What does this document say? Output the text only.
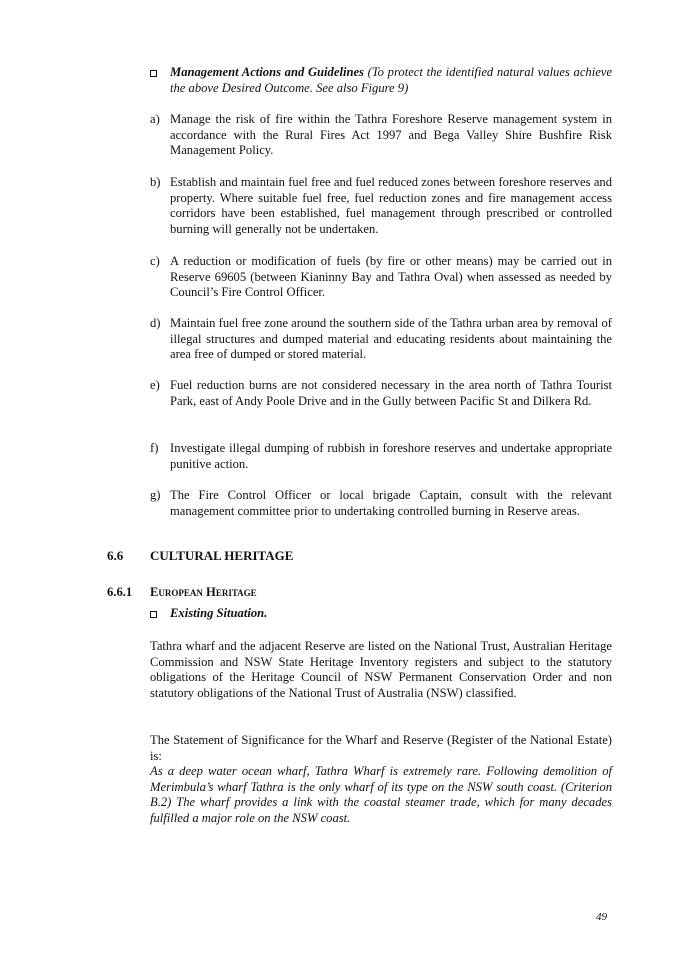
Management Actions and Guidelines (To protect the identified natural values achieve the above Desired Outcome. See also Figure 9)
a) Manage the risk of fire within the Tathra Foreshore Reserve management system in accordance with the Rural Fires Act 1997 and Bega Valley Shire Bushfire Risk Management Policy.
b) Establish and maintain fuel free and fuel reduced zones between foreshore reserves and property. Where suitable fuel free, fuel reduction zones and fire management access corridors have been established, fuel management through prescribed or controlled burning will generally not be undertaken.
c) A reduction or modification of fuels (by fire or other means) may be carried out in Reserve 69605 (between Kianinny Bay and Tathra Oval) when assessed as needed by Council’s Fire Control Officer.
d) Maintain fuel free zone around the southern side of the Tathra urban area by removal of illegal structures and dumped material and educating residents about maintaining the area free of dumped or stored material.
e) Fuel reduction burns are not considered necessary in the area north of Tathra Tourist Park, east of Andy Poole Drive and in the Gully between Pacific St and Dilkera Rd.
f) Investigate illegal dumping of rubbish in foreshore reserves and undertake appropriate punitive action.
g) The Fire Control Officer or local brigade Captain, consult with the relevant management committee prior to undertaking controlled burning in Reserve areas.
6.6 CULTURAL HERITAGE
6.6.1 European Heritage
Existing Situation.
Tathra wharf and the adjacent Reserve are listed on the National Trust, Australian Heritage Commission and NSW State Heritage Inventory registers and subject to the statutory obligations of the Heritage Council of NSW Permanent Conservation Order and non statutory obligations of the National Trust of Australia (NSW) classified.
The Statement of Significance for the Wharf and Reserve (Register of the National Estate) is:
As a deep water ocean wharf, Tathra Wharf is extremely rare. Following demolition of Merimbula’s wharf Tathra is the only wharf of its type on the NSW south coast. (Criterion B.2) The wharf provides a link with the coastal steamer trade, which for many decades fulfilled a major role on the NSW coast.
49
